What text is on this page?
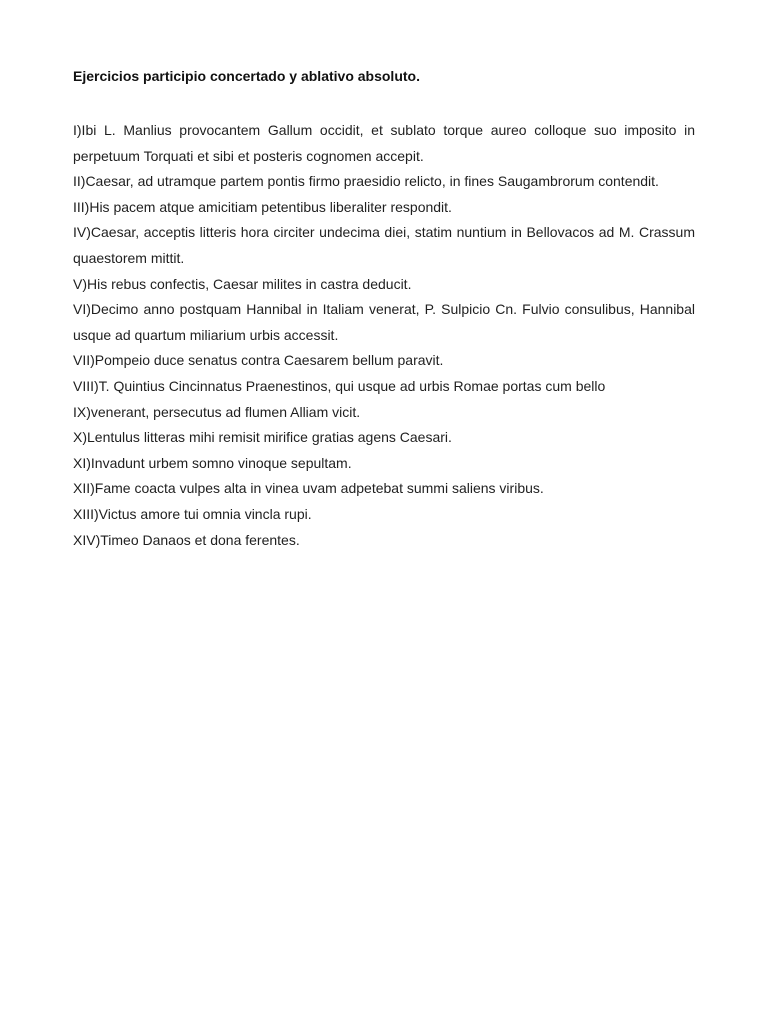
Ejercicios participio concertado y ablativo absoluto.
I)Ibi L. Manlius provocantem Gallum occidit, et sublato torque aureo colloque suo imposito in perpetuum Torquati et sibi et posteris cognomen accepit.
II)Caesar, ad utramque partem pontis firmo praesidio relicto, in fines Saugambrorum contendit.
III)His pacem atque amicitiam petentibus liberaliter respondit.
IV)Caesar, acceptis litteris hora circiter undecima diei, statim nuntium in Bellovacos ad M. Crassum quaestorem mittit.
V)His rebus confectis, Caesar milites in castra deducit.
VI)Decimo anno postquam Hannibal in Italiam venerat, P. Sulpicio Cn. Fulvio consulibus, Hannibal usque ad quartum miliarium urbis accessit.
VII)Pompeio duce senatus contra Caesarem bellum paravit.
VIII)T. Quintius Cincinnatus Praenestinos, qui usque ad urbis Romae portas cum bello
IX)venerant, persecutus ad flumen Alliam vicit.
X)Lentulus litteras mihi remisit mirifice gratias agens Caesari.
XI)Invadunt urbem somno vinoque sepultam.
XII)Fame coacta vulpes alta in vinea uvam adpetebat summi saliens viribus.
XIII)Victus amore tui omnia vincla rupi.
XIV)Timeo Danaos et dona ferentes.
